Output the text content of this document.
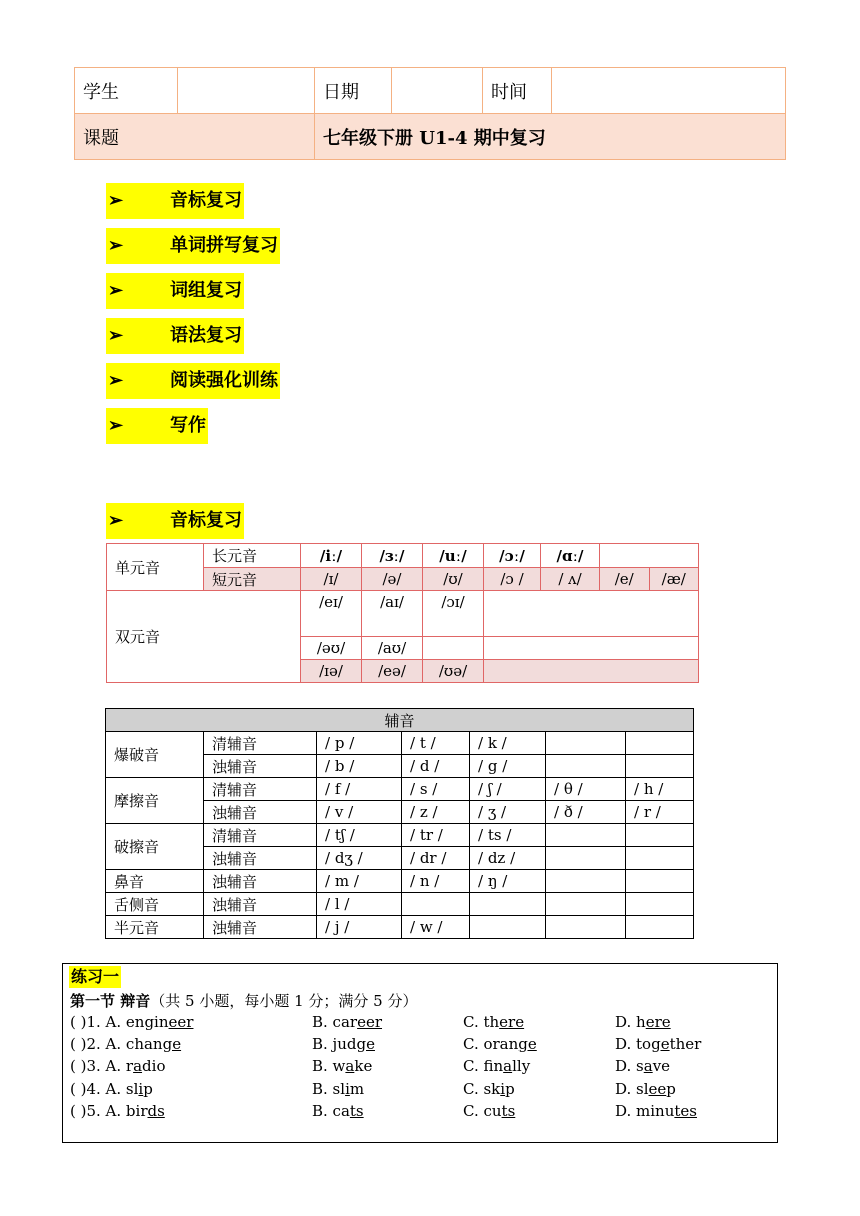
学生		日期		时间	
课题		七年级下册 U1-4 期中复习			
➢	音标复习
➢	单词拼写复习
➢	词组复习
➢	语法复习
➢	阅读强化训练
➢	写作
➢	音标复习
单元音	长元音	/iː/	/ɜː/	/uː/	/ɔː/	/ɑː/		
	短元音	/ɪ/	/ə/	/ʊ/	/ɔ /	/ ʌ/	/e/	/æ/
双元音		/eɪ/	/aɪ/	/ɔɪ/				
		/əʊ/	/aʊ/					
		/ɪə/	/eə/	/ʊə/				
辅音						
爆破音	清辅音	/ p /	/ t /	/ k /		
	浊辅音	/ b /	/ d /	/ g /		
摩擦音	清辅音	/ f /	/ s /	/ ʃ /	/ θ /	/ h /
	浊辅音	/ v /	/ z /	/ ʒ /	/ ð /	/ r /
破擦音	清辅音	/ tʃ /	/ tr /	/ ts /		
	浊辅音	/ dʒ /	/ dr /	/ dz /		
鼻音	浊辅音	/ m /	/ n /	/ ŋ /		
舌侧音	浊辅音	/ l /				
半元音	浊辅音	/ j /	/ w /			
练习一
第一节 辩音（共 5 小题，每小题 1 分；满分 5 分）
( )1. A. engineer	B. career	C. there	D. here
( )2. A. change	B. judge	C. orange	D. together
( )3. A. radio	B. wake	C. finally	D. save
( )4. A. slip	B. slim	C. skip	D. sleep
( )5. A. birds	B. cats	C. cuts	D. minutes
